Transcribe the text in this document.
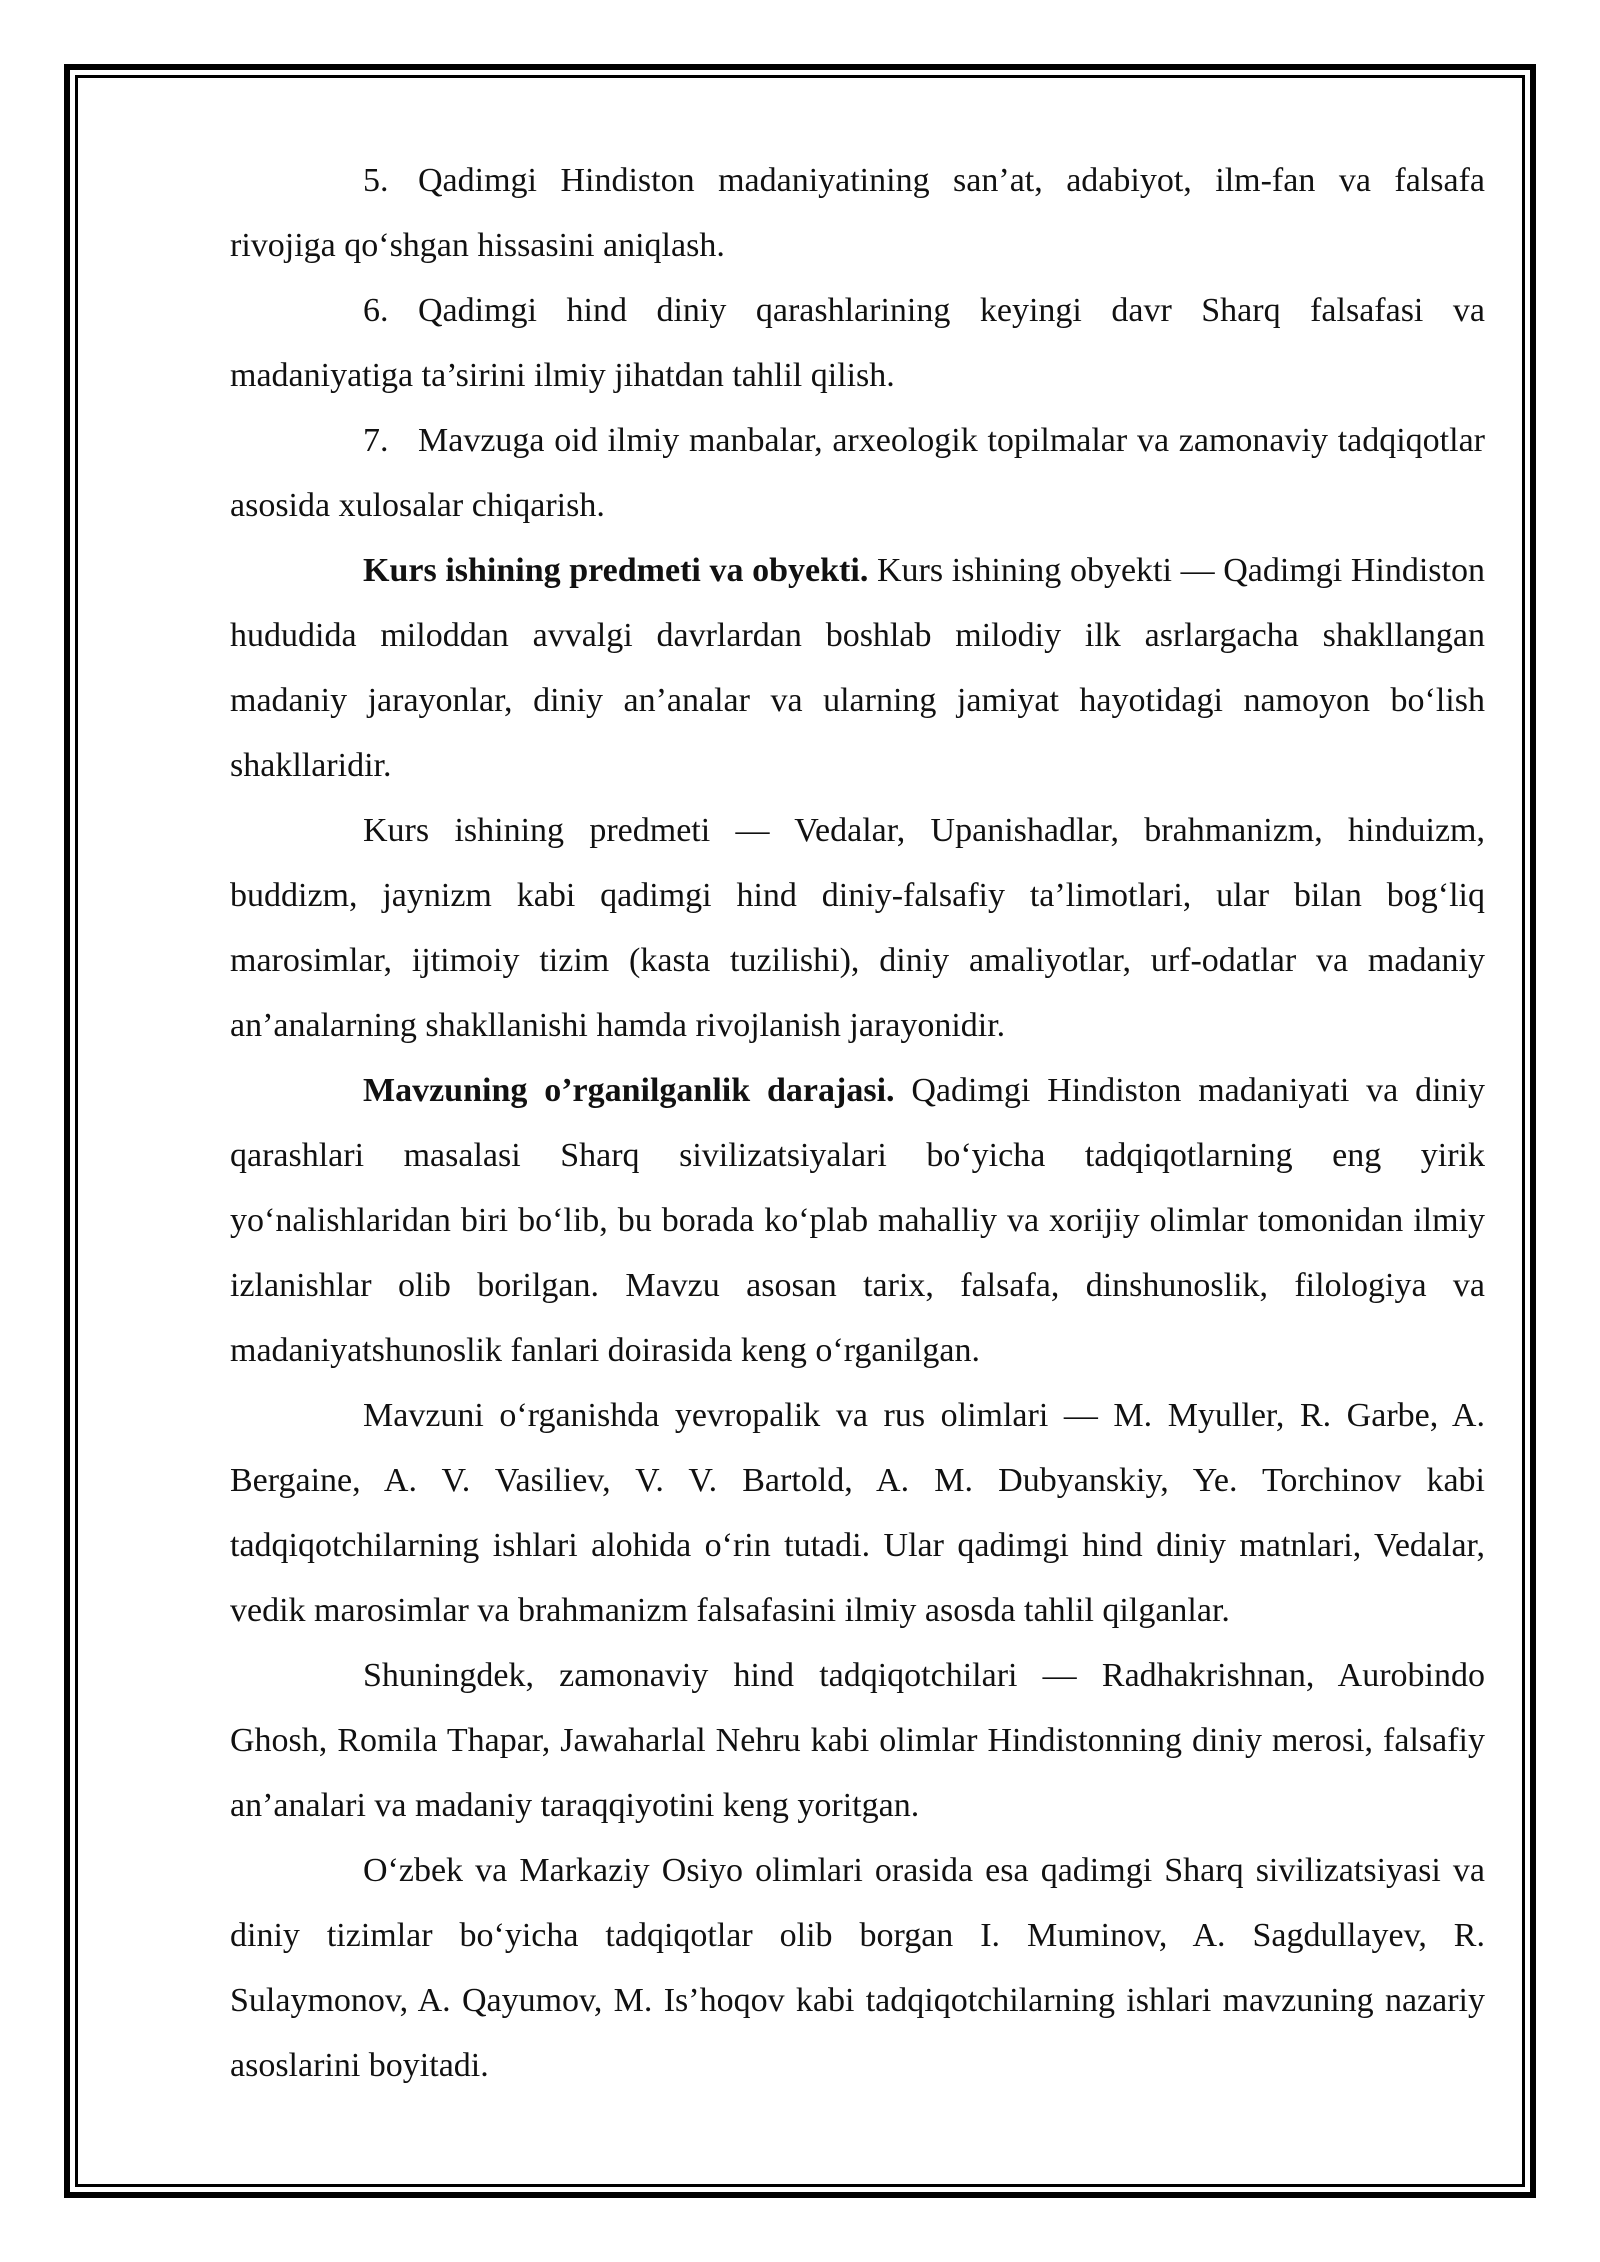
5. Qadimgi Hindiston madaniyatining san’at, adabiyot, ilm-fan va falsafa rivojiga qo‘shgan hissasini aniqlash.

6. Qadimgi hind diniy qarashlarining keyingi davr Sharq falsafasi va madaniyatiga ta’sirini ilmiy jihatdan tahlil qilish.

7. Mavzuga oid ilmiy manbalar, arxeologik topilmalar va zamonaviy tadqiqotlar asosida xulosalar chiqarish.

Kurs ishining predmeti va obyekti. Kurs ishining obyekti — Qadimgi Hindiston hududida miloddan avvalgi davrlardan boshlab milodiy ilk asrlargacha shakllangan madaniy jarayonlar, diniy an’analar va ularning jamiyat hayotidagi namoyon bo‘lish shakllaridir.

Kurs ishining predmeti — Vedalar, Upanishadlar, brahmanizm, hinduizm, buddizm, jaynizm kabi qadimgi hind diniy-falsafiy ta’limotlari, ular bilan bog‘liq marosimlar, ijtimoiy tizim (kasta tuzilishi), diniy amaliyotlar, urf-odatlar va madaniy an’analarning shakllanishi hamda rivojlanish jarayonidir.

Mavzuning o’rganilganlik darajasi. Qadimgi Hindiston madaniyati va diniy qarashlari masalasi Sharq sivilizatsiyalari bo‘yicha tadqiqotlarning eng yirik yo‘nalishlaridan biri bo‘lib, bu borada ko‘plab mahalliy va xorijiy olimlar tomonidan ilmiy izlanishlar olib borilgan. Mavzu asosan tarix, falsafa, dinshunoslik, filologiya va madaniyatshunoslik fanlari doirasida keng o‘rganilgan.

Mavzuni o‘rganishda yevropalik va rus olimlari — M. Myuller, R. Garbe, A. Bergaine, A. V. Vasiliev, V. V. Bartold, A. M. Dubyanskiy, Ye. Torchinov kabi tadqiqotchilarning ishlari alohida o‘rin tutadi. Ular qadimgi hind diniy matnlari, Vedalar, vedik marosimlar va brahmanizm falsafasini ilmiy asosda tahlil qilganlar.

Shuningdek, zamonaviy hind tadqiqotchilari — Radhakrishnan, Aurobindo Ghosh, Romila Thapar, Jawaharlal Nehru kabi olimlar Hindistonning diniy merosi, falsafiy an’analari va madaniy taraqqiyotini keng yoritgan.

O‘zbek va Markaziy Osiyo olimlari orasida esa qadimgi Sharq sivilizatsiyasi va diniy tizimlar bo‘yicha tadqiqotlar olib borgan I. Muminov, A. Sagdullayev, R. Sulaymonov, A. Qayumov, M. Is’hoqov kabi tadqiqotchilarning ishlari mavzuning nazariy asoslarini boyitadi.
